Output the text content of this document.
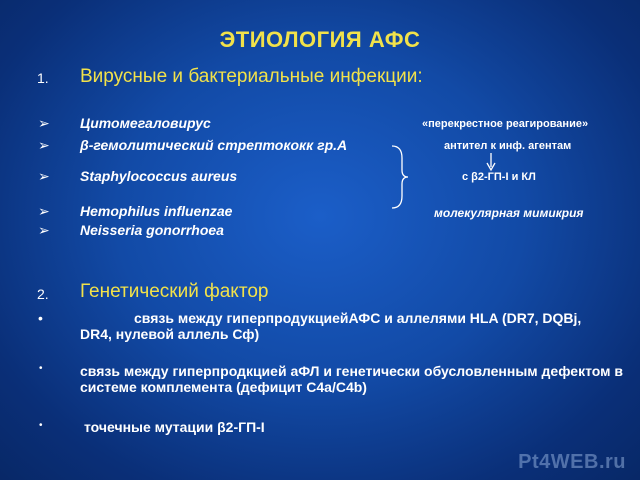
ЭТИОЛОГИЯ АФС
1. Вирусные и бактериальные инфекции:
➢ Цитомегаловирус
➢ β-гемолитический стрептококк гр.А
➢ Staphylococcus aureus
➢ Hemophilus influenzae
➢ Neisseria gonorrhoea
«перекрестное реагирование»
антител к инф. агентам
с β2-ГП-I и КЛ
молекулярная мимикрия
2. Генетический фактор
•	связь между гиперпродукциейАФС и аллелями HLA (DR7, DQBj, DR4, нулевой аллель Сф)
•	связь между гиперпродкцией аФЛ и генетически обусловленным дефектом в системе комплемента (дефицит C4a/C4b)
•	точечные мутации β2-ГП-I
Pt4WEB.ru
